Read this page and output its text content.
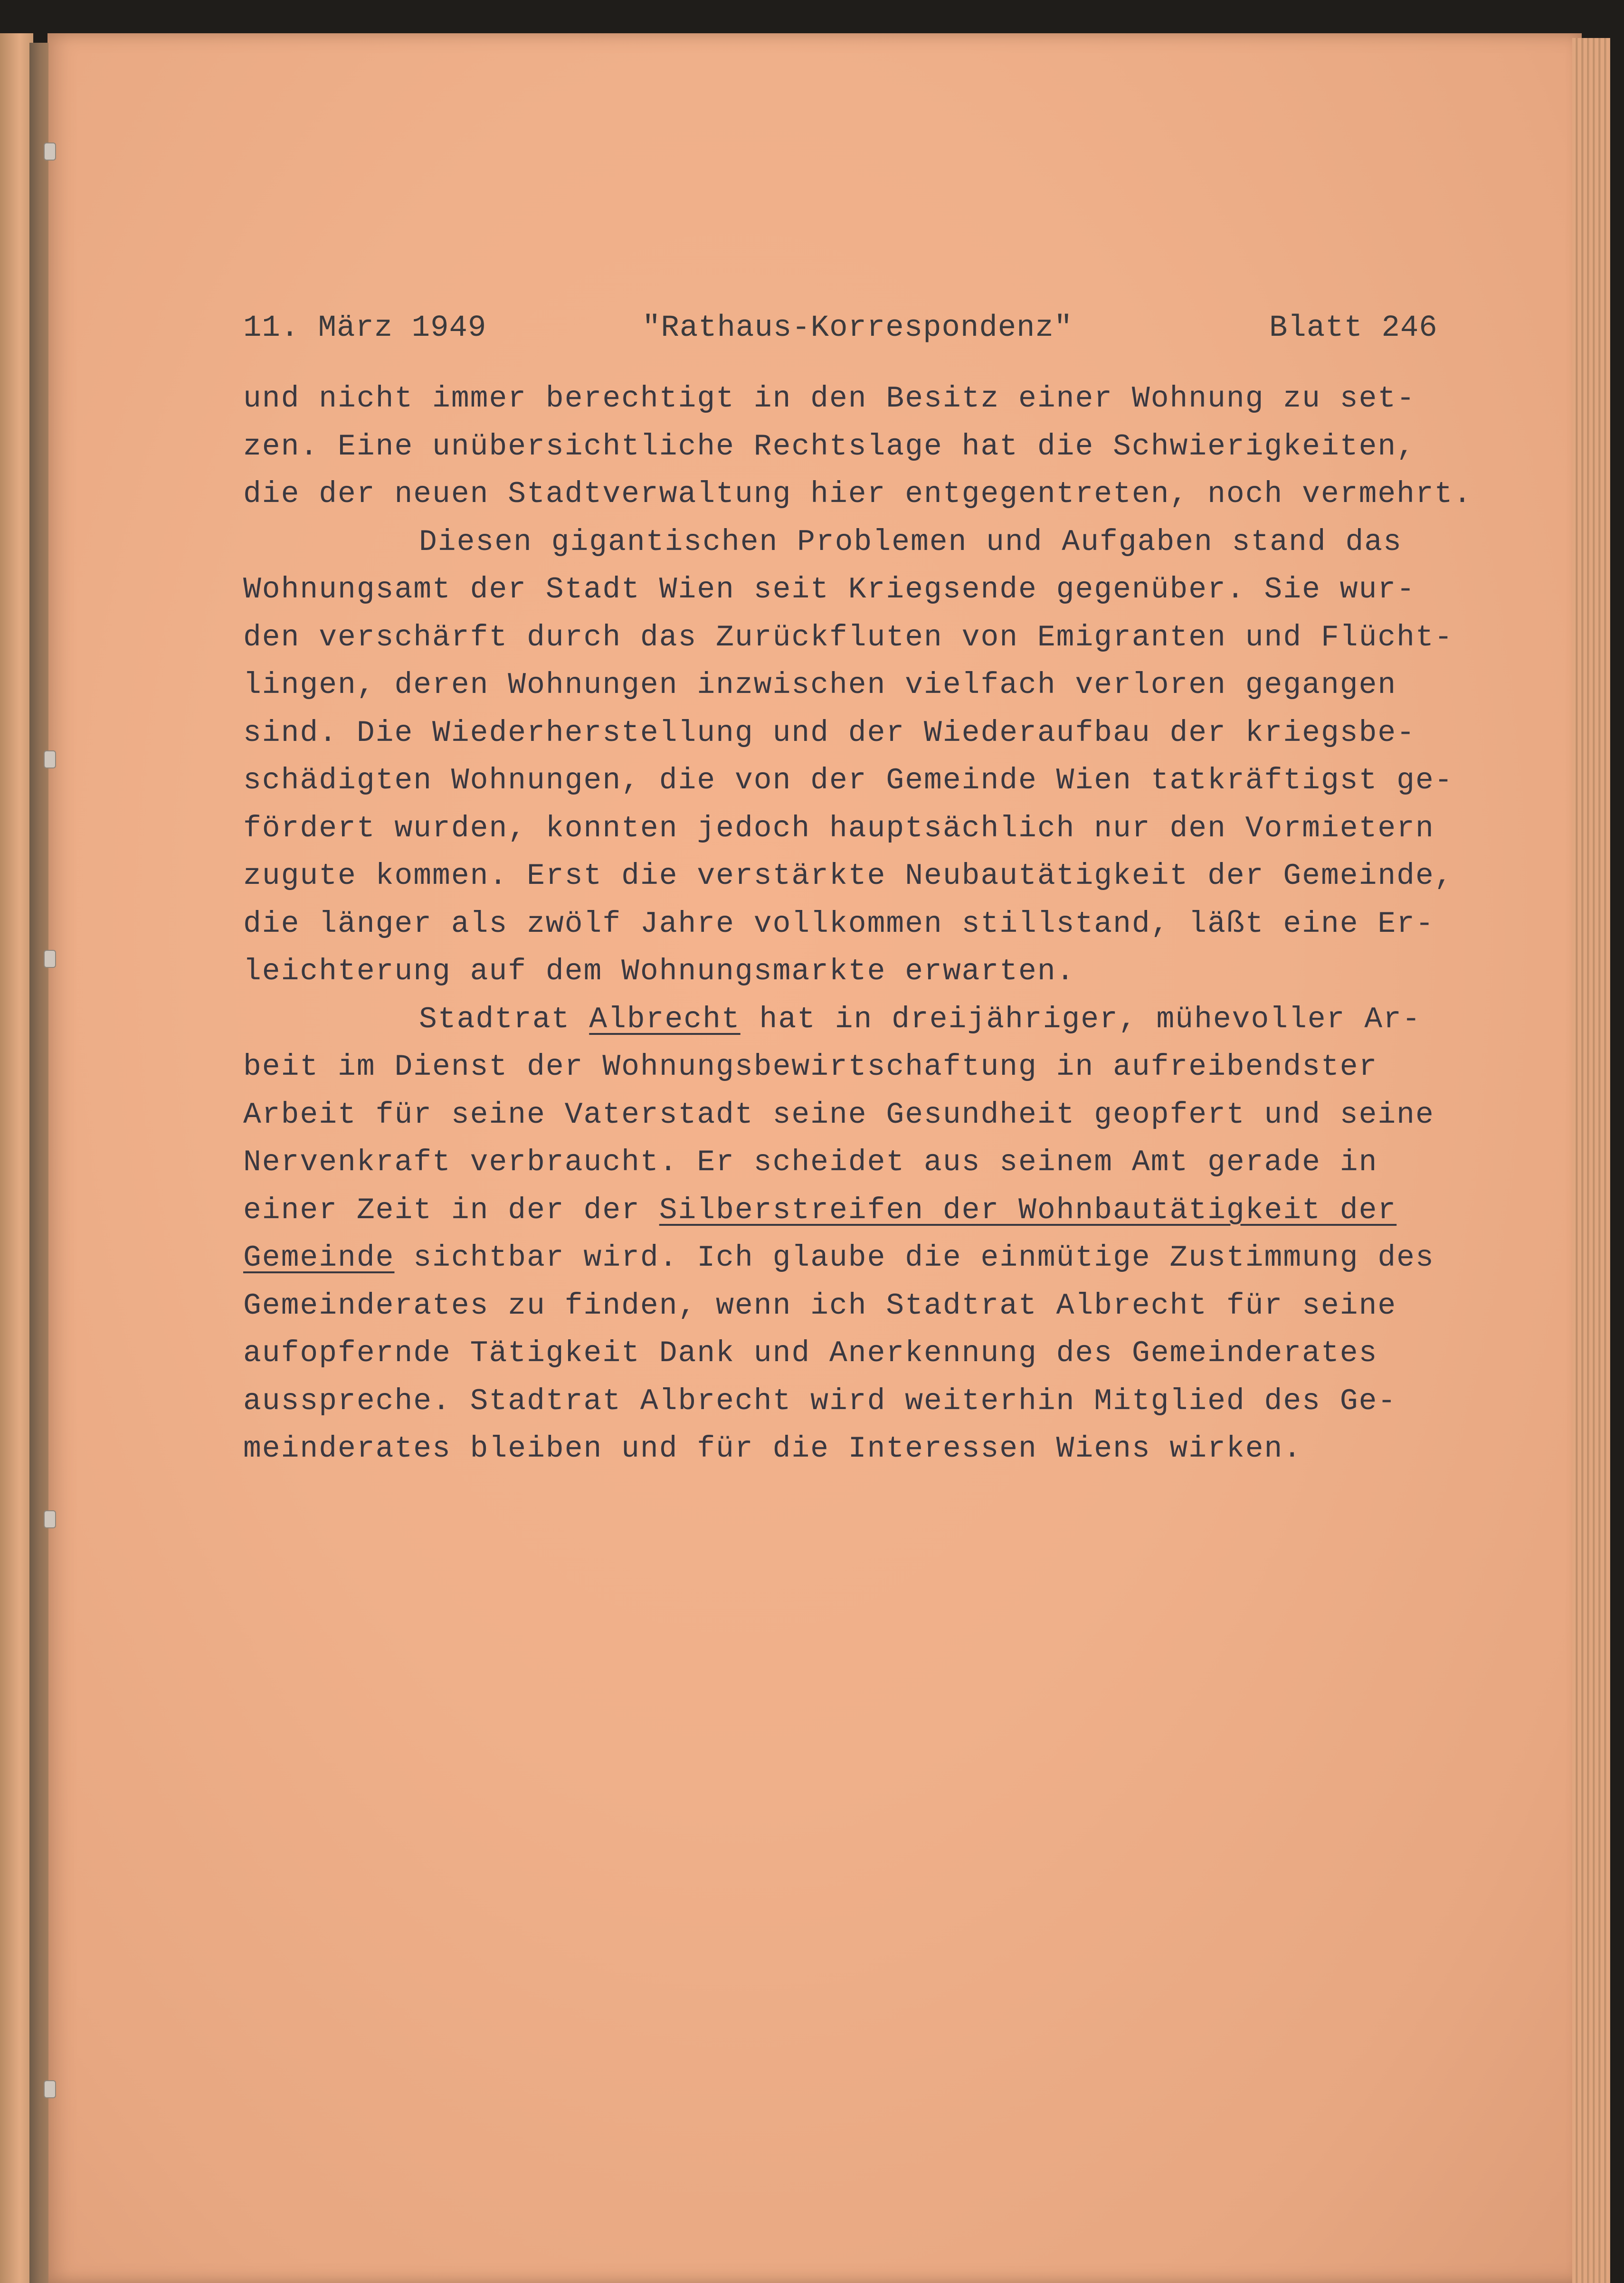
11. März 1949	"Rathaus-Korrespondenz"	Blatt 246
und nicht immer berechtigt in den Besitz einer Wohnung zu set-
zen. Eine unübersichtliche Rechtslage hat die Schwierigkeiten,
die der neuen Stadtverwaltung hier entgegentreten, noch vermehrt.
Diesen gigantischen Problemen und Aufgaben stand das
Wohnungsamt der Stadt Wien seit Kriegsende gegenüber. Sie wur-
den verschärft durch das Zurückfluten von Emigranten und Flücht-
lingen, deren Wohnungen inzwischen vielfach verloren gegangen
sind. Die Wiederherstellung und der Wiederaufbau der kriegsbe-
schädigten Wohnungen, die von der Gemeinde Wien tatkräftigst ge-
fördert wurden, konnten jedoch hauptsächlich nur den Vormietern
zugute kommen. Erst die verstärkte Neubautätigkeit der Gemeinde,
die länger als zwölf Jahre vollkommen stillstand, läßt eine Er-
leichterung auf dem Wohnungsmarkte erwarten.
Stadtrat Albrecht hat in dreijähriger, mühevoller Ar-
beit im Dienst der Wohnungsbewirtschaftung in aufreibendster
Arbeit für seine Vaterstadt seine Gesundheit geopfert und seine
Nervenkraft verbraucht. Er scheidet aus seinem Amt gerade in
einer Zeit in der der Silberstreifen der Wohnbautätigkeit der
Gemeinde sichtbar wird. Ich glaube die einmütige Zustimmung des
Gemeinderates zu finden, wenn ich Stadtrat Albrecht für seine
aufopfernde Tätigkeit Dank und Anerkennung des Gemeinderates
ausspreche. Stadtrat Albrecht wird weiterhin Mitglied des Ge-
meinderates bleiben und für die Interessen Wiens wirken.
